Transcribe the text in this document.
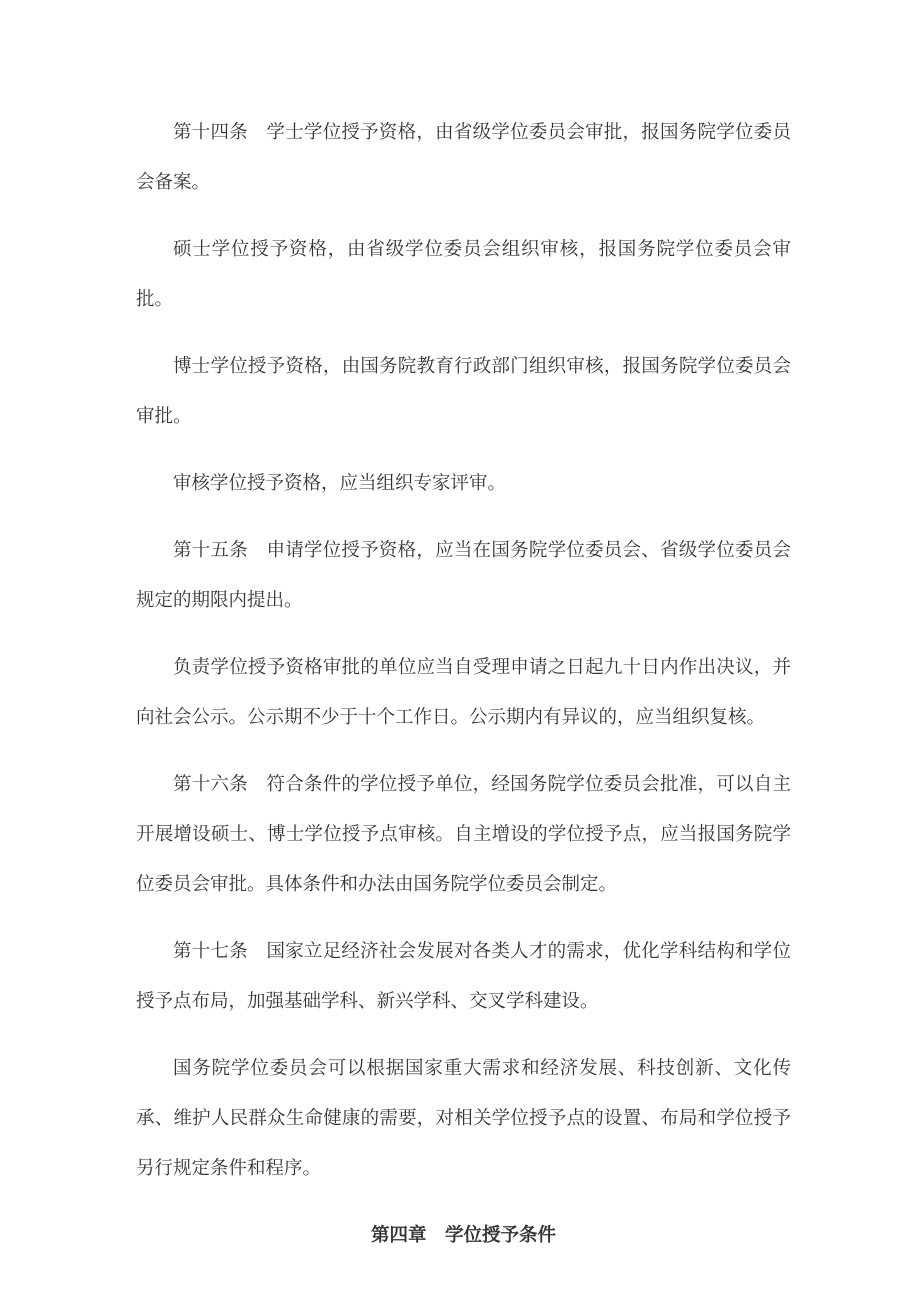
第十四条 学士学位授予资格，由省级学位委员会审批，报国务院学位委员会备案。

硕士学位授予资格，由省级学位委员会组织审核，报国务院学位委员会审批。

博士学位授予资格，由国务院教育行政部门组织审核，报国务院学位委员会审批。

审核学位授予资格，应当组织专家评审。

第十五条 申请学位授予资格，应当在国务院学位委员会、省级学位委员会规定的期限内提出。

负责学位授予资格审批的单位应当自受理申请之日起九十日内作出决议，并向社会公示。公示期不少于十个工作日。公示期内有异议的，应当组织复核。

第十六条 符合条件的学位授予单位，经国务院学位委员会批准，可以自主开展增设硕士、博士学位授予点审核。自主增设的学位授予点，应当报国务院学位委员会审批。具体条件和办法由国务院学位委员会制定。

第十七条 国家立足经济社会发展对各类人才的需求，优化学科结构和学位授予点布局，加强基础学科、新兴学科、交叉学科建设。

国务院学位委员会可以根据国家重大需求和经济发展、科技创新、文化传承、维护人民群众生命健康的需要，对相关学位授予点的设置、布局和学位授予另行规定条件和程序。

第四章 学位授予条件
